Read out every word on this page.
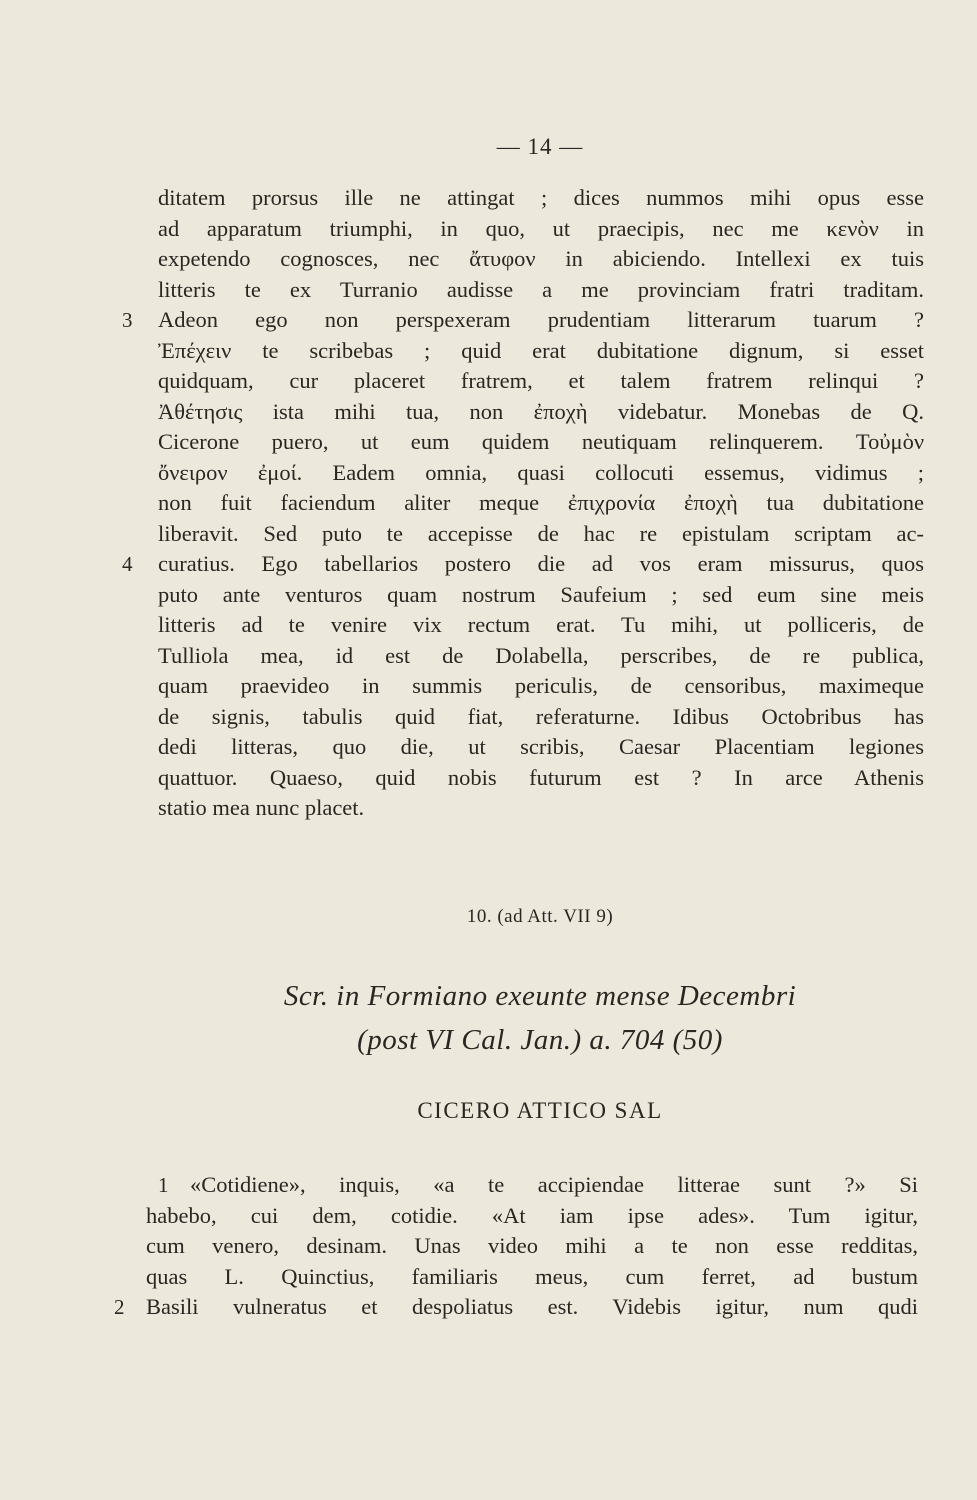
— 14 —
ditatem prorsus ille ne attingat ; dices nummos mihi opus esse
ad apparatum triumphi, in quo, ut praecipis, nec me κενὸν in
expetendo cognosces, nec ἄτυφον in abiciendo. Intellexi ex tuis
litteris te ex Turranio audisse a me provinciam fratri traditam.
3 Adeon ego non perspexeram prudentiam litterarum tuarum ?
Ἐπέχειν te scribebas ; quid erat dubitatione dignum, si esset
quidquam, cur placeret fratrem, et talem fratrem relinqui ?
Ἀθέτησις ista mihi tua, non ἐποχὴ videbatur. Monebas de Q.
Cicerone puero, ut eum quidem neutiquam relinquerem. Τοὐμὸν
ὄνειρον ἐμοί. Eadem omnia, quasi collocuti essemus, vidimus ;
non fuit faciendum aliter meque ἐπιχρονία ἐποχὴ tua dubitatione
liberavit. Sed puto te accepisse de hac re epistulam scriptam ac-
4 curatius. Ego tabellarios postero die ad vos eram missurus, quos
puto ante venturos quam nostrum Saufeium ; sed eum sine meis
litteris ad te venire vix rectum erat. Tu mihi, ut polliceris, de
Tulliola mea, id est de Dolabella, perscribes, de re publica,
quam praevideo in summis periculis, de censoribus, maximeque
de signis, tabulis quid fiat, referaturne. Idibus Octobribus has
dedi litteras, quo die, ut scribis, Caesar Placentiam legiones
quattuor. Quaeso, quid nobis futurum est ? In arce Athenis
statio mea nunc placet.
10. (ad Att. VII 9)
Scr. in Formiano exeunte mense Decembri
(post VI Cal. Jan.) a. 704 (50)
CICERO ATTICO SAL
1 «Cotidiene», inquis, «a te accipiendae litterae sunt ?» Si
habebo, cui dem, cotidie. «At iam ipse ades». Tum igitur,
cum venero, desinam. Unas video mihi a te non esse redditas,
quas L. Quinctius, familiaris meus, cum ferret, ad bustum
2 Basili vulneratus et despoliatus est. Videbis igitur, num qudi
